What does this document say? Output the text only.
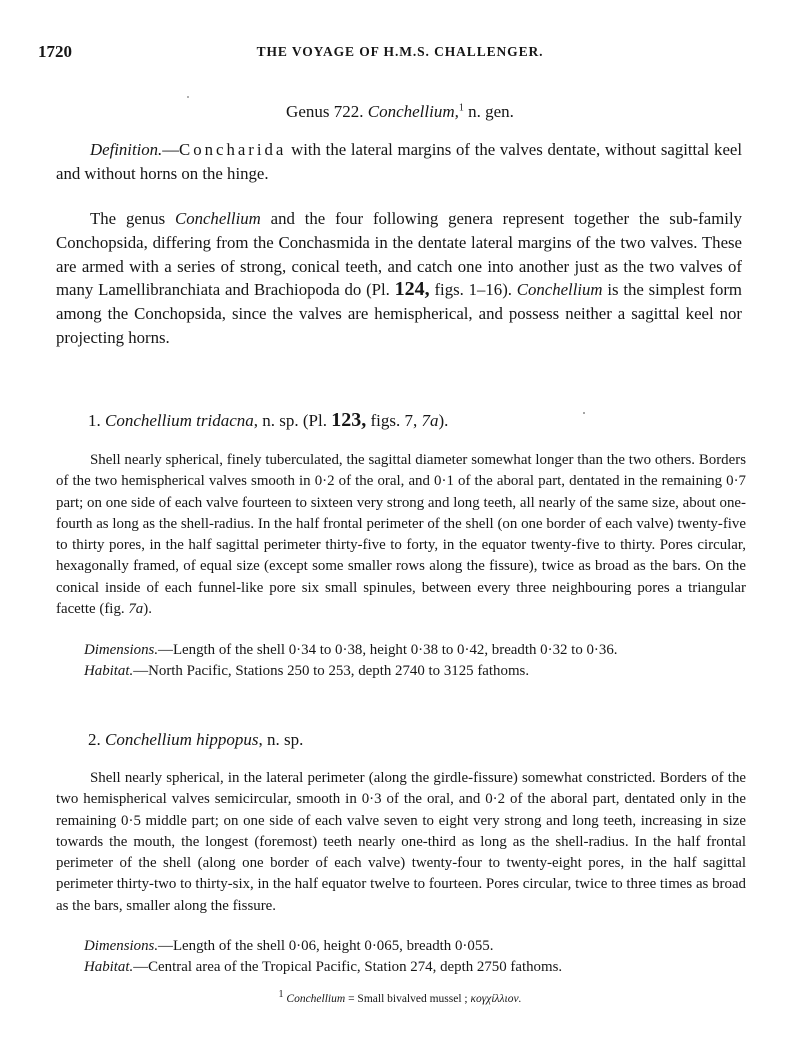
1720	THE VOYAGE OF H.M.S. CHALLENGER.
Genus 722. Conchellium,$^1$ n. gen.

Definition.—Concharida with the lateral margins of the valves dentate, without sagittal keel and without horns on the hinge.

The genus Conchellium and the four following genera represent together the sub-family Conchopsida, differing from the Conchasmida in the dentate lateral margins of the two valves. These are armed with a series of strong, conical teeth, and catch one into another just as the two valves of many Lamellibranchiata and Brachiopoda do (Pl. 124, figs. 1–16). Conchellium is the simplest form among the Conchopsida, since the valves are hemispherical, and possess neither a sagittal keel nor projecting horns.

1. Conchellium tridacna, n. sp. (Pl. 123, figs. 7, 7a).

Shell nearly spherical, finely tuberculated, the sagittal diameter somewhat longer than the two others. Borders of the two hemispherical valves smooth in 0·2 of the oral, and 0·1 of the aboral part, dentated in the remaining 0·7 part; on one side of each valve fourteen to sixteen very strong and long teeth, all nearly of the same size, about one-fourth as long as the shell-radius. In the half frontal perimeter of the shell (on one border of each valve) twenty-five to thirty pores, in the half sagittal perimeter thirty-five to forty, in the equator twenty-five to thirty. Pores circular, hexagonally framed, of equal size (except some smaller rows along the fissure), twice as broad as the bars. On the conical inside of each funnel-like pore six small spinules, between every three neighbouring pores a triangular facette (fig. 7a).

Dimensions.—Length of the shell 0·34 to 0·38, height 0·38 to 0·42, breadth 0·32 to 0·36.
Habitat.—North Pacific, Stations 250 to 253, depth 2740 to 3125 fathoms.
2. Conchellium hippopus, n. sp.

Shell nearly spherical, in the lateral perimeter (along the girdle-fissure) somewhat constricted. Borders of the two hemispherical valves semicircular, smooth in 0·3 of the oral, and 0·2 of the aboral part, dentated only in the remaining 0·5 middle part; on one side of each valve seven to eight very strong and long teeth, increasing in size towards the mouth, the longest (foremost) teeth nearly one-third as long as the shell-radius. In the half frontal perimeter of the shell (along one border of each valve) twenty-four to twenty-eight pores, in the half sagittal perimeter thirty-two to thirty-six, in the half equator twelve to fourteen. Pores circular, twice to three times as broad as the bars, smaller along the fissure.

Dimensions.—Length of the shell 0·06, height 0·065, breadth 0·055.
Habitat.—Central area of the Tropical Pacific, Station 274, depth 2750 fathoms.
$^1$ Conchellium = Small bivalved mussel ; κογχίλλιον.
